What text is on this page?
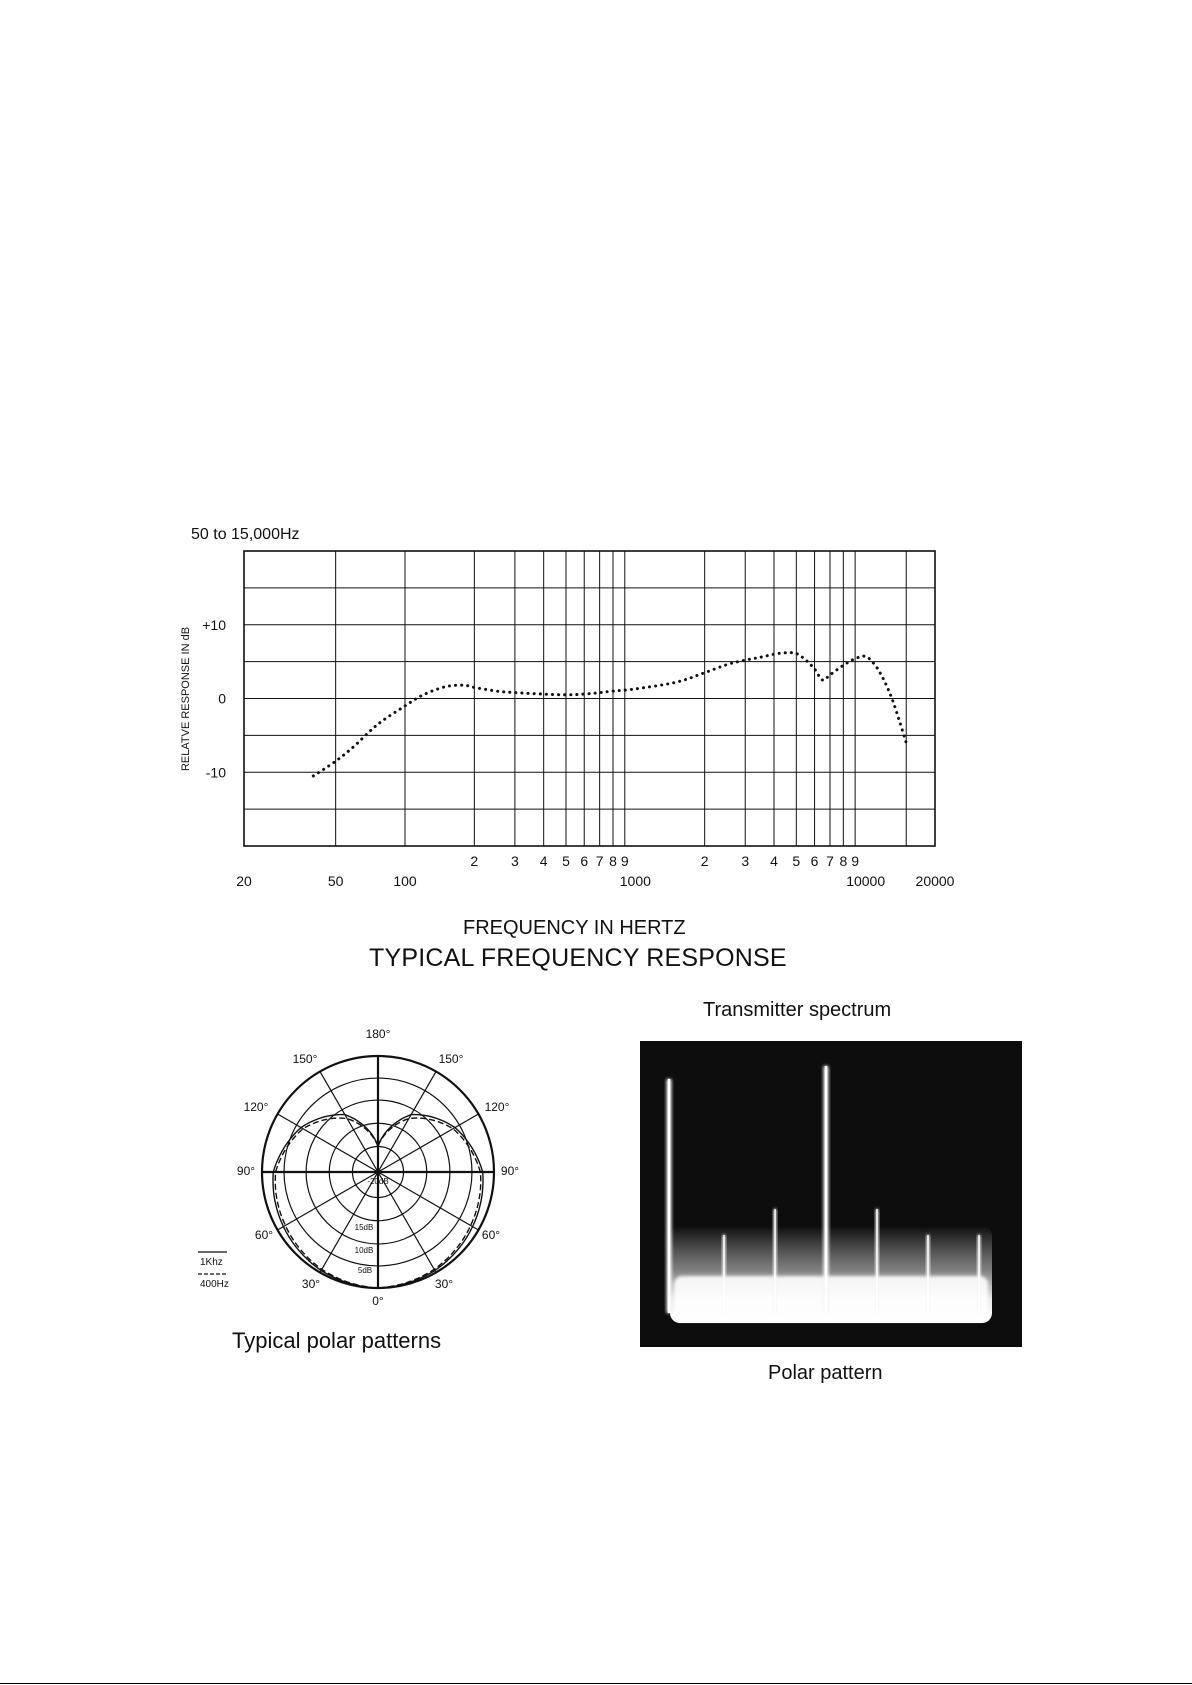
50 to 15,000Hz
20	50	100	1000	10000 20000
2 3 4 5 6 7 8 9	2 3 4 5 6 7 8 9
+10
0
-10
RELATVE RESPONSE IN dB
FREQUENCY IN HERTZ
TYPICAL FREQUENCY RESPONSE
180°
150°	150°
120°	120°
90°	90°
60°	60°
30°	30°
0°
-20dB
15dB
10dB
5dB
1Khz
400Hz
Typical polar patterns
Transmitter spectrum
Polar pattern
